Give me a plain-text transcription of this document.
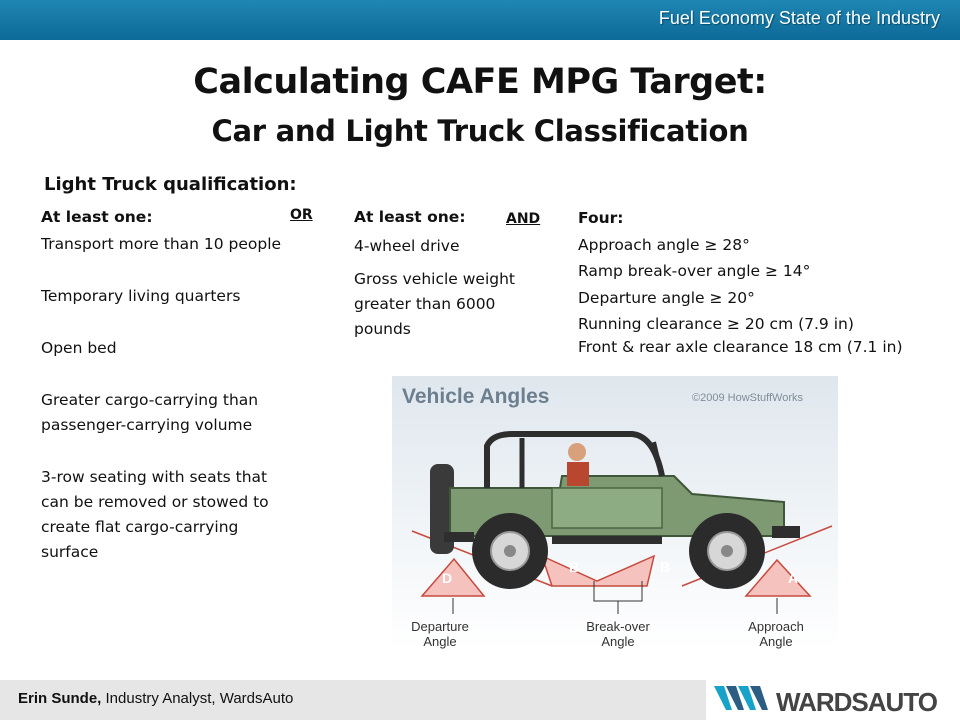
Fuel Economy State of the Industry
Calculating CAFE MPG Target:
Car and Light Truck Classification
Light Truck qualification:
At least one:
Transport more than 10 people
Temporary living quarters
Open bed
Greater cargo-carrying than passenger-carrying volume
3-row seating with seats that can be removed or stowed to create flat cargo-carrying surface
OR	At least one:
4-wheel drive
Gross vehicle weight greater than 6000 pounds
AND Four:
Approach angle ≥ 28°
Ramp break-over angle ≥ 14°
Departure angle ≥ 20°
Running clearance ≥ 20 cm (7.9 in)
Front & rear axle clearance 18 cm (7.1 in)
Vehicle Angles	©2009 HowStuffWorks
D
B	B
A
Departure
Angle
Break-over
Angle
Approach
Angle
Erin Sunde, Industry Analyst, WardsAuto	WARDSAUTO
